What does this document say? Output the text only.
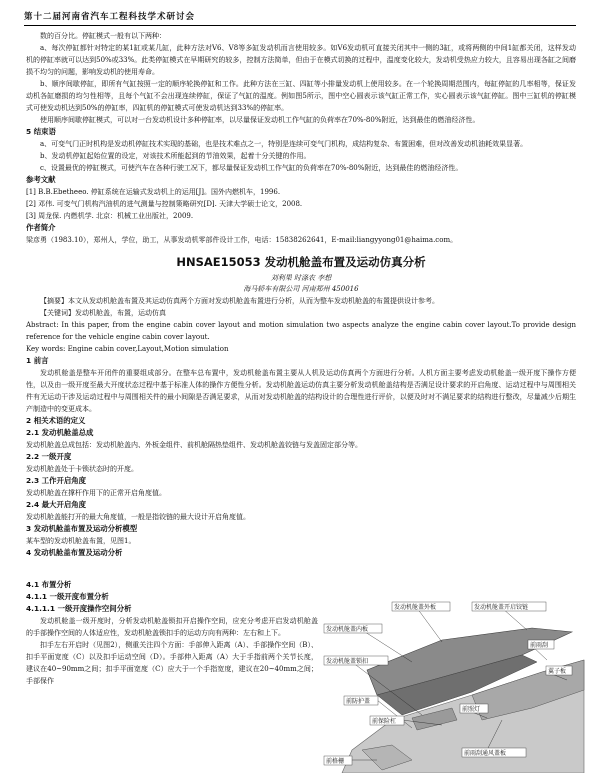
第十二届河南省汽车工程科技学术研讨会

数的百分比。停缸模式一般有以下两种：

a、每次停缸都针对特定的某1缸或某几缸，此种方法对V6、V8等多缸发动机而言使用较多。如V6发动机可直接关闭其中一侧的3缸，或将两侧的中间1缸都关闭，这样发动机的停缸率就可以达到50%或33%。此类停缸模式在早期研究的较多，控制方法简单，但由于在模式切换的过程中，温度变化较大，发动机受热应力较大，且容易出现各缸之间磨损不均匀的问题，影响发动机的使用寿命。

b、顺序间歇停缸，即所有气缸按照一定的顺序轮换停缸和工作。此种方法在三缸、四缸等小排量发动机上使用较多。在一个轮换周期范围内，每缸停缸的几率相等，保证发动机各缸磨损的均匀性相等，且每个气缸不会出现连续停缸，保证了气缸的温度。例如图5所示，图中空心圆表示该气缸正常工作，实心圆表示该气缸停缸。图中三缸机的停缸模式可使发动机达到50%的停缸率，四缸机的停缸模式可使发动机达到33%的停缸率。

使用顺序间歇停缸模式，可以对一台发动机设计多种停缸率，以尽量保证发动机工作气缸的负荷率在70%-80%附近，达到最佳的燃油经济性。

5 结束语

a、可变气门正时机构是发动机停缸技术实现的基础，也是技术难点之一，特别是连续可变气门机构，成结构复杂、布置困难，但对改善发动机油耗效果显著。

b、发动机停缸起始位置的设定，对该技术所能起到的节油效果，起着十分关键的作用。

c、设置最优的停缸模式，可使汽车在各种行驶工况下，都尽量保证发动机工作气缸的负荷率在70%-80%附近，达到最佳的燃油经济性。

参考文献

[1] B.B.Ebetheeo. 停缸系统在运输式发动机上的运用[J]。国外内燃机车，1996.

[2] 邓伟. 可变气门机构汽油机的进气测量与控制策略研究[D]. 天津大学硕士论文，2008.

[3] 周龙保. 内燃机学. 北京：机械工业出版社，2009.

作者简介

梁彦勇（1983.10），郑州人，学位，助工，从事发动机零部件设计工作，电话：15838262641，E-mail:liangyyong01@haima.com。

HNSAE15053 发动机舱盖布置及运动仿真分析

刘利果 时涤农 李想

海马轿车有限公司 河南郑州 450016

【摘要】本文从发动机舱盖布置及其运动仿真两个方面对发动机舱盖布置进行分析，从而为整车发动机舱盖的布置提供设计参考。

【关键词】发动机舱盖，布置，运动仿真

Abstract: In this paper, from the engine cabin cover layout and motion simulation two aspects analyze the engine cabin cover layout.To provide design reference for the vehicle engine cabin cover layout.

Key words: Engine cabin cover,Layout,Motion simulation

1 前言

发动机舱盖是整车开闭件的重要组成部分。在整车总布置中，发动机舱盖布置主要从人机及运动仿真两个方面进行分析。人机方面主要考虑发动机舱盖一级开度下操作方便性，以及由一级开度至最大开度状态过程中基于标准人体的操作方便性分析。发动机舱盖运动仿真主要分析发动机舱盖结构是否满足设计要求的开启角度、运动过程中与周围相关件有无运动干涉及运动过程中与周围相关件的最小间隙是否满足要求，从而对发动机舱盖的结构设计的合理性进行评价，以便及时对不满足要求的结构进行整改，尽量减少后期生产制造中的变更成本。

2 相关术语的定义

2.1 发动机舱盖总成

发动机舱盖总成包括：发动机舱盖内、外板金组件、前机舱隔热垫组件、发动机舱盖铰链与发盖固定部分等。

2.2 一级开度

发动机舱盖处于卡锁状态时的开度。

2.3 工作开启角度

发动机舱盖在撑杆作用下的正常开启角度值。

2.4 最大开启角度

发动机舱盖能打开的最大角度值，一般是指铰链的最大设计开启角度值。

3 发动机舱盖布置及运动分析模型

某车型的发动机舱盖布置，见图1。

4 发动机舱盖布置及运动分析

4.1 布置分析

4.1.1 一级开度布置分析

4.1.1.1 一级开度操作空间分析

发动机舱盖一级开度时，分析发动机舱盖锁扣开启操作空间，应充分考虑开启发动机舱盖的手部操作空间的人体适应性，发动机舱盖锁扣手的运动方向有两种：左右和上下。

扣手左右开启时（见图2），侧重关注四个方面：手部伸入距离（A）、手部操作空间（B）、扣手平面宽度（C）以及扣手运动空间（D）。手部伸入距离（A）大于手指前两个关节长度，建议在40~90mm之间；扣手平面宽度（C）应大于一个手指宽度，建议在20~40mm之间；手部保作

发动机舱盖外板	发动机舱盖开启铰链
发动机舱盖内板
前雨刮
翼子板
发动机舱盖锁扣
前防护盖
前保险杠
前照灯
前雨刮通风盖板
前格栅
